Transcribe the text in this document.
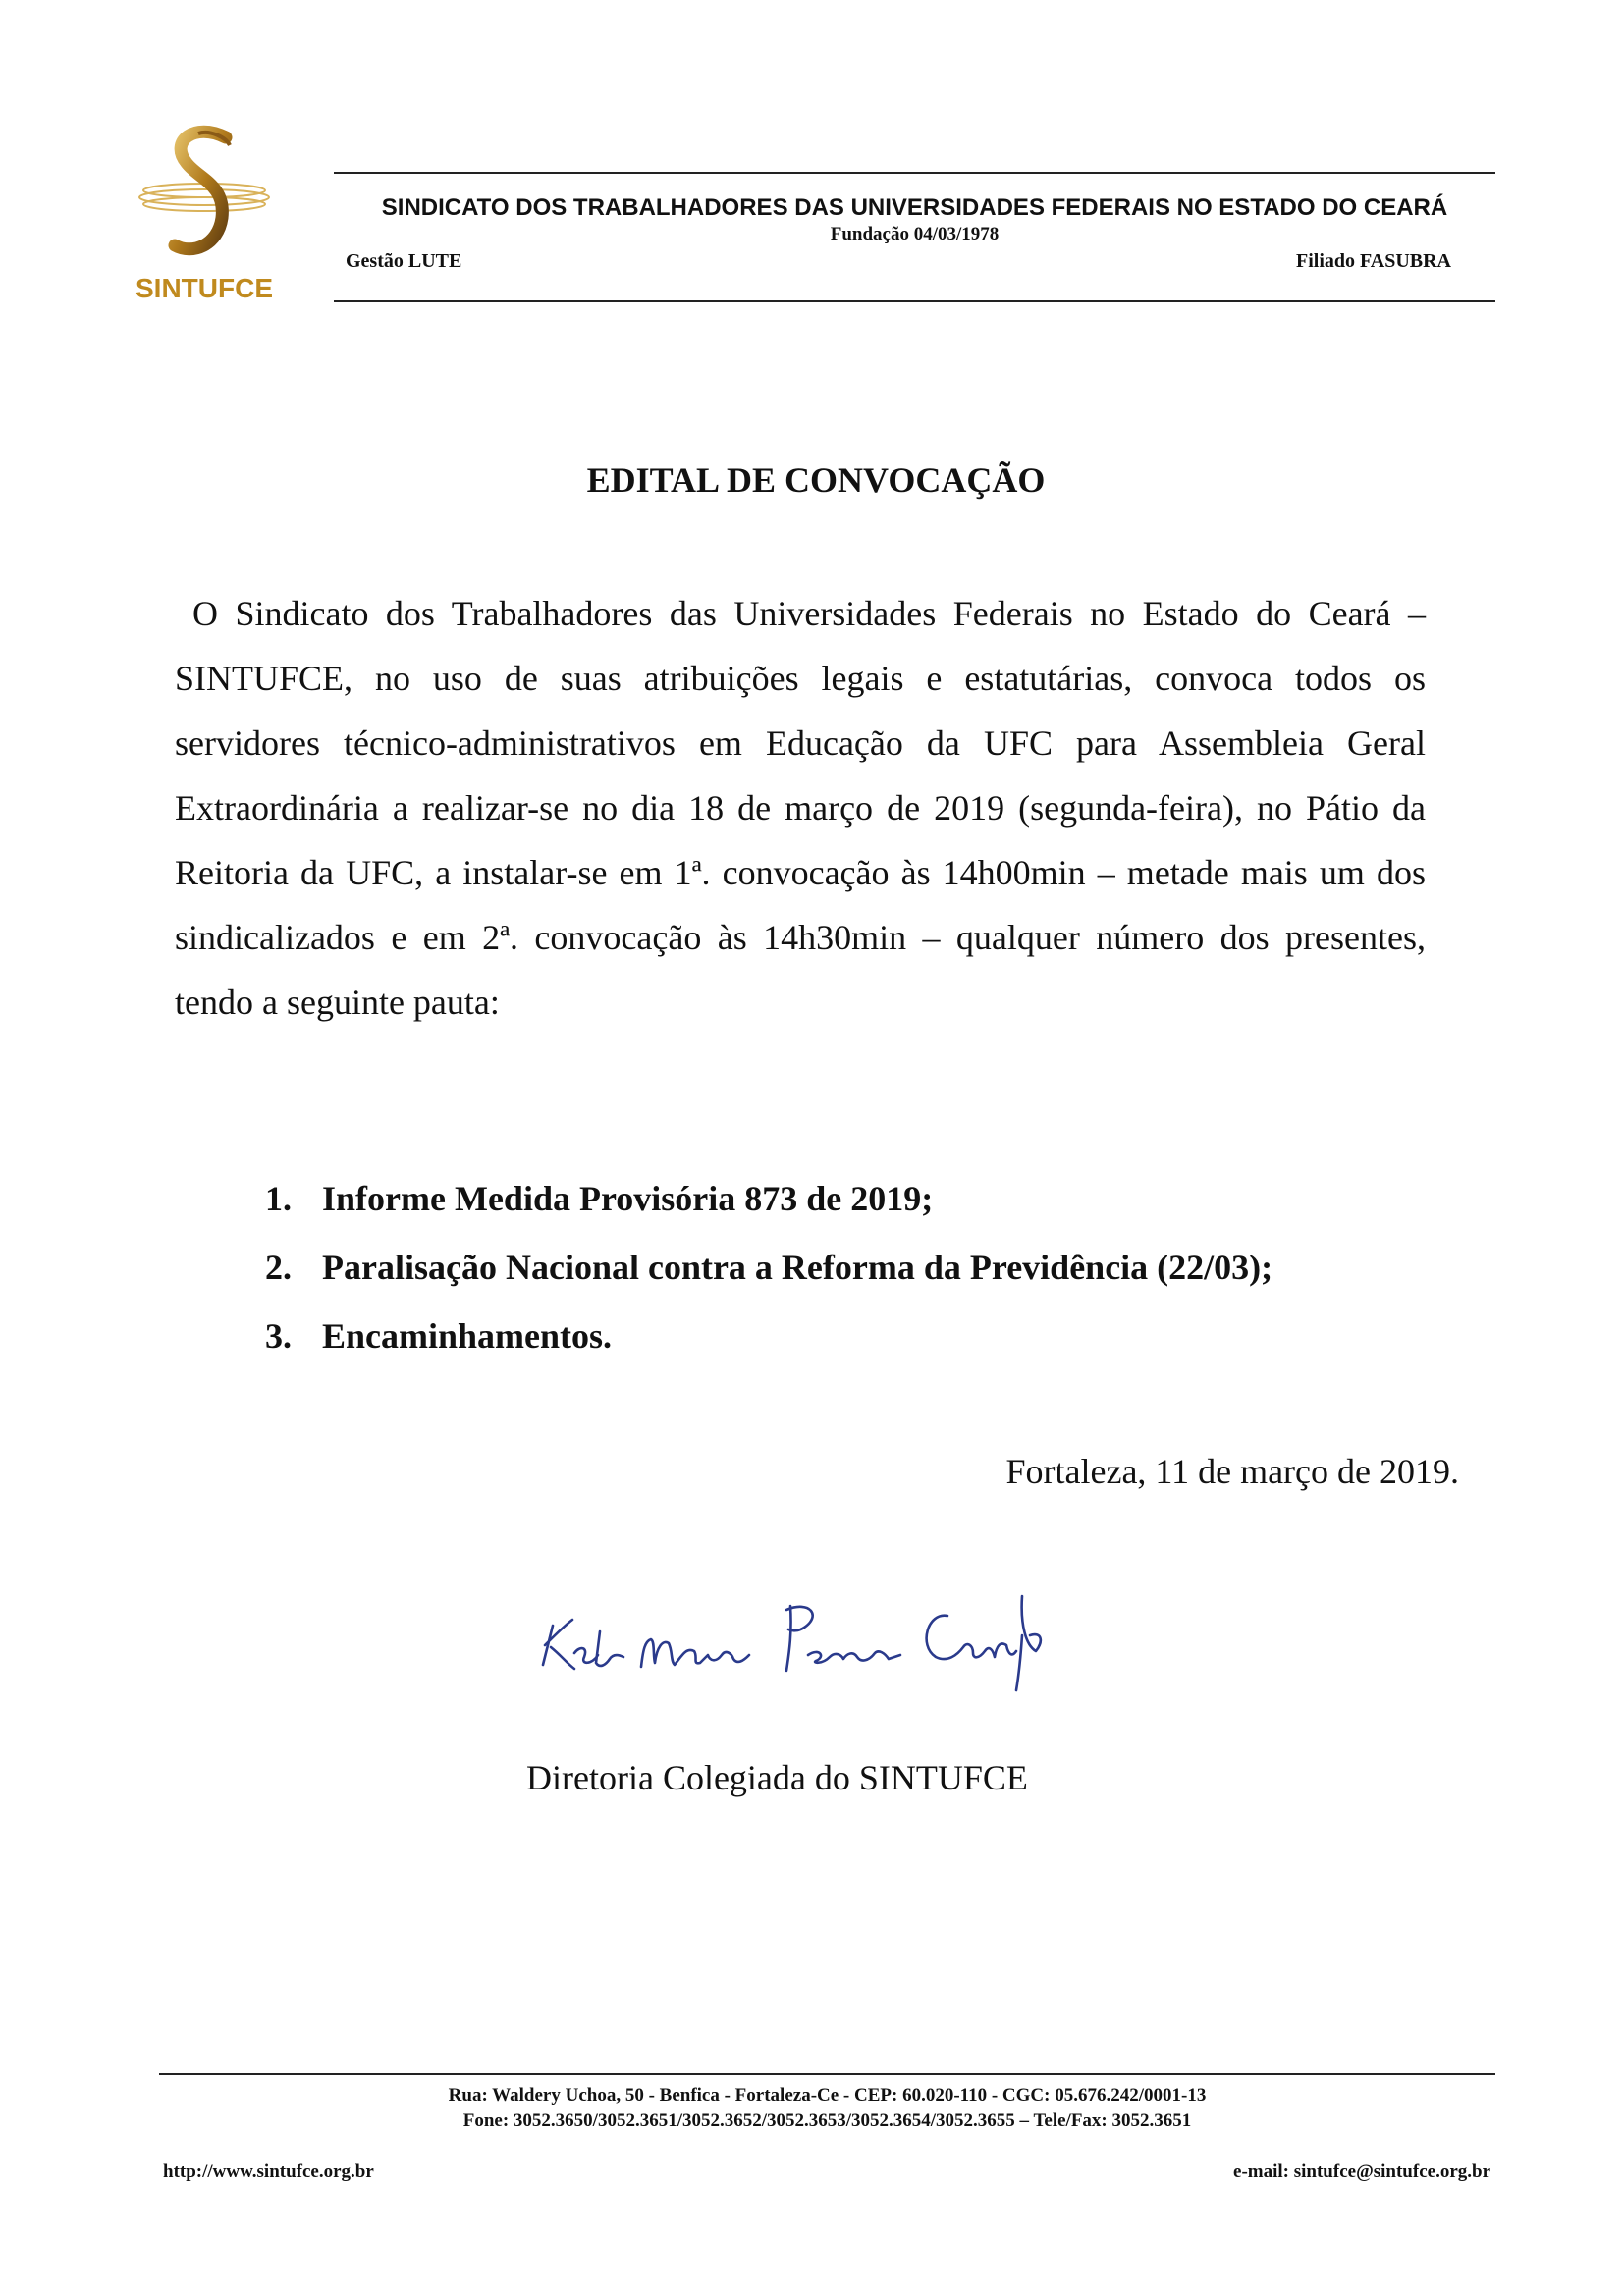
SINTUFCE
SINDICATO DOS TRABALHADORES DAS UNIVERSIDADES FEDERAIS NO ESTADO DO CEARÁ
Fundação 04/03/1978
Gestão LUTE	Filiado FASUBRA
EDITAL DE CONVOCAÇÃO

O Sindicato dos Trabalhadores das Universidades Federais no Estado do Ceará – SINTUFCE, no uso de suas atribuições legais e estatutárias, convoca todos os servidores técnico-administrativos em Educação da UFC para Assembleia Geral Extraordinária a realizar-se no dia 18 de março de 2019 (segunda-feira), no Pátio da Reitoria da UFC, a instalar-se em 1ª. convocação às 14h00min – metade mais um dos sindicalizados e em 2ª. convocação às 14h30min – qualquer número dos presentes, tendo a seguinte pauta:

1. Informe Medida Provisória 873 de 2019;
2. Paralisação Nacional contra a Reforma da Previdência (22/03);
3. Encaminhamentos.
Fortaleza, 11 de março de 2019.
Diretoria Colegiada do SINTUFCE
Rua: Waldery Uchoa, 50 - Benfica - Fortaleza-Ce - CEP: 60.020-110 - CGC: 05.676.242/0001-13
Fone: 3052.3650/3052.3651/3052.3652/3052.3653/3052.3654/3052.3655 – Tele/Fax: 3052.3651
http://www.sintufce.org.br	e-mail: sintufce@sintufce.org.br
